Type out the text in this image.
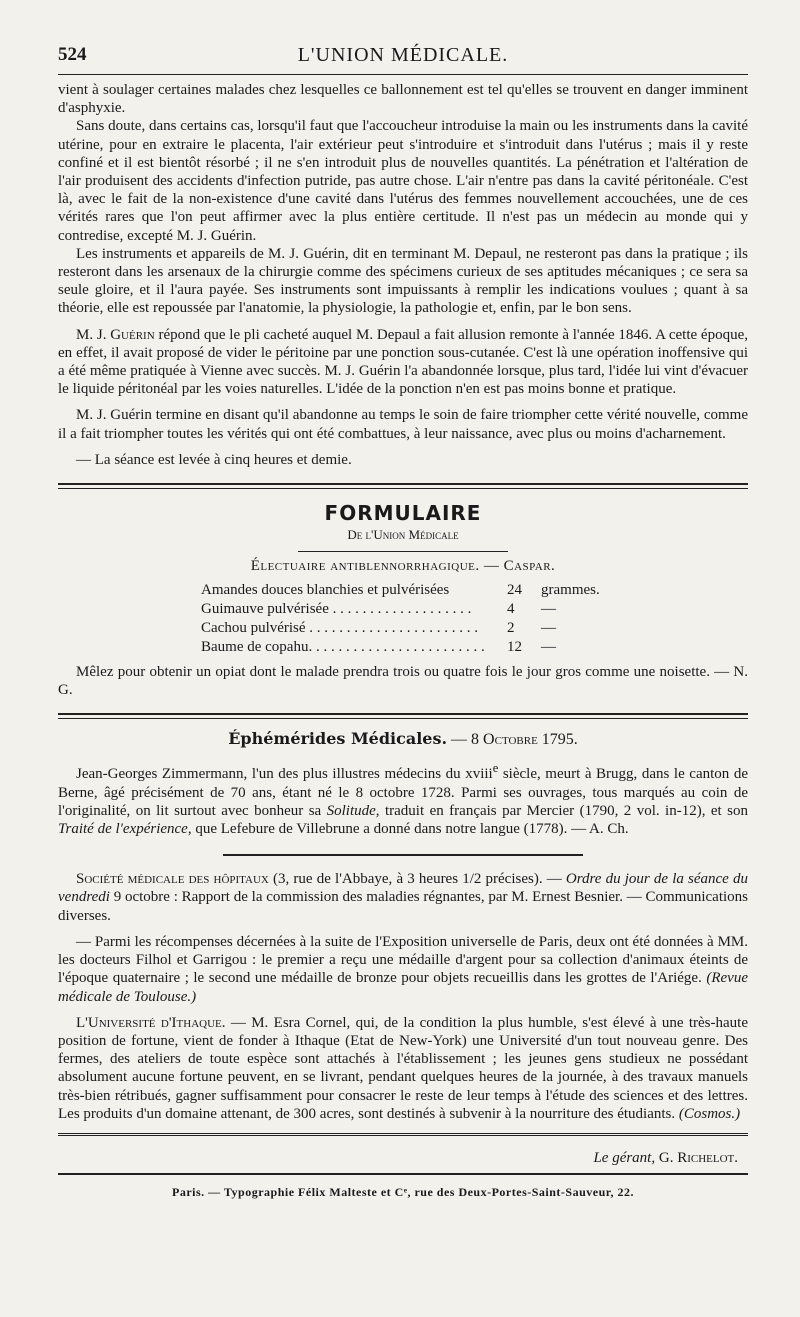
524	L'UNION MÉDICALE.

vient à soulager certaines malades chez lesquelles ce ballonnement est tel qu'elles se trouvent en danger imminent d'asphyxie.

Sans doute, dans certains cas, lorsqu'il faut que l'accoucheur introduise la main ou les instruments dans la cavité utérine, pour en extraire le placenta, l'air extérieur peut s'introduire et s'introduit dans l'utérus ; mais il y reste confiné et il est bientôt résorbé ; il ne s'en introduit plus de nouvelles quantités. La pénétration et l'altération de l'air produisent des accidents d'infection putride, pas autre chose. L'air n'entre pas dans la cavité péritonéale. C'est là, avec le fait de la non-existence d'une cavité dans l'utérus des femmes nouvellement accouchées, une de ces vérités rares que l'on peut affirmer avec la plus entière certitude. Il n'est pas un médecin au monde qui y contredise, excepté M. J. Guérin.

Les instruments et appareils de M. J. Guérin, dit en terminant M. Depaul, ne resteront pas dans la pratique ; ils resteront dans les arsenaux de la chirurgie comme des spécimens curieux de ses aptitudes mécaniques ; ce sera sa seule gloire, et il l'aura payée. Ses instruments sont impuissants à remplir les indications voulues ; quant à sa théorie, elle est repoussée par l'anatomie, la physiologie, la pathologie et, enfin, par le bon sens.

M. J. Guérin répond que le pli cacheté auquel M. Depaul a fait allusion remonte à l'année 1846. A cette époque, en effet, il avait proposé de vider le péritoine par une ponction sous-cutanée. C'est là une opération inoffensive qui a été même pratiquée à Vienne avec succès. M. J. Guérin l'a abandonnée lorsque, plus tard, l'idée lui vint d'évacuer le liquide péritonéal par les voies naturelles. L'idée de la ponction n'en est pas moins bonne et pratique.

M. J. Guérin termine en disant qu'il abandonne au temps le soin de faire triompher cette vérité nouvelle, comme il a fait triompher toutes les vérités qui ont été combattues, à leur naissance, avec plus ou moins d'acharnement.

— La séance est levée à cinq heures et demie.

FORMULAIRE
De l'Union Médicale
Électuaire antiblennorrhagique. — Caspar.
Amandes douces blanchies et pulvérisées	24	grammes.
Guimauve pulvérisée . . . . . . . . . . . . . . . . . . .	4	—
Cachou pulvérisé . . . . . . . . . . . . . . . . . . . . . . .	2	—
Baume de copahu. . . . . . . . . . . . . . . . . . . . . . . .	12	—

Mêlez pour obtenir un opiat dont le malade prendra trois ou quatre fois le jour gros comme une noisette. — N. G.

Éphémérides Médicales. — 8 Octobre 1795.

Jean-Georges Zimmermann, l'un des plus illustres médecins du xviii$^e$ siècle, meurt à Brugg, dans le canton de Berne, âgé précisément de 70 ans, étant né le 8 octobre 1728. Parmi ses ouvrages, tous marqués au coin de l'originalité, on lit surtout avec bonheur sa Solitude, traduit en français par Mercier (1790, 2 vol. in-12), et son Traité de l'expérience, que Lefebure de Villebrune a donné dans notre langue (1778). — A. Ch.

Société médicale des hôpitaux (3, rue de l'Abbaye, à 3 heures 1/2 précises). — Ordre du jour de la séance du vendredi 9 octobre : Rapport de la commission des maladies régnantes, par M. Ernest Besnier. — Communications diverses.

— Parmi les récompenses décernées à la suite de l'Exposition universelle de Paris, deux ont été données à MM. les docteurs Filhol et Garrigou : le premier a reçu une médaille d'argent pour sa collection d'animaux éteints de l'époque quaternaire ; le second une médaille de bronze pour objets recueillis dans les grottes de l'Ariége. (Revue médicale de Toulouse.)

L'Université d'Ithaque. — M. Esra Cornel, qui, de la condition la plus humble, s'est élevé à une très-haute position de fortune, vient de fonder à Ithaque (Etat de New-York) une Université d'un tout nouveau genre. Des fermes, des ateliers de toute espèce sont attachés à l'établissement ; les jeunes gens studieux ne possédant absolument aucune fortune peuvent, en se livrant, pendant quelques heures de la journée, à des travaux manuels très-bien rétribués, gagner suffisamment pour consacrer le reste de leur temps à l'étude des sciences et des lettres. Les produits d'un domaine attenant, de 300 acres, sont destinés à subvenir à la nourriture des étudiants. (Cosmos.)

Le gérant, G. Richelot.
Paris. — Typographie Félix Malteste et Cᵉ, rue des Deux-Portes-Saint-Sauveur, 22.
